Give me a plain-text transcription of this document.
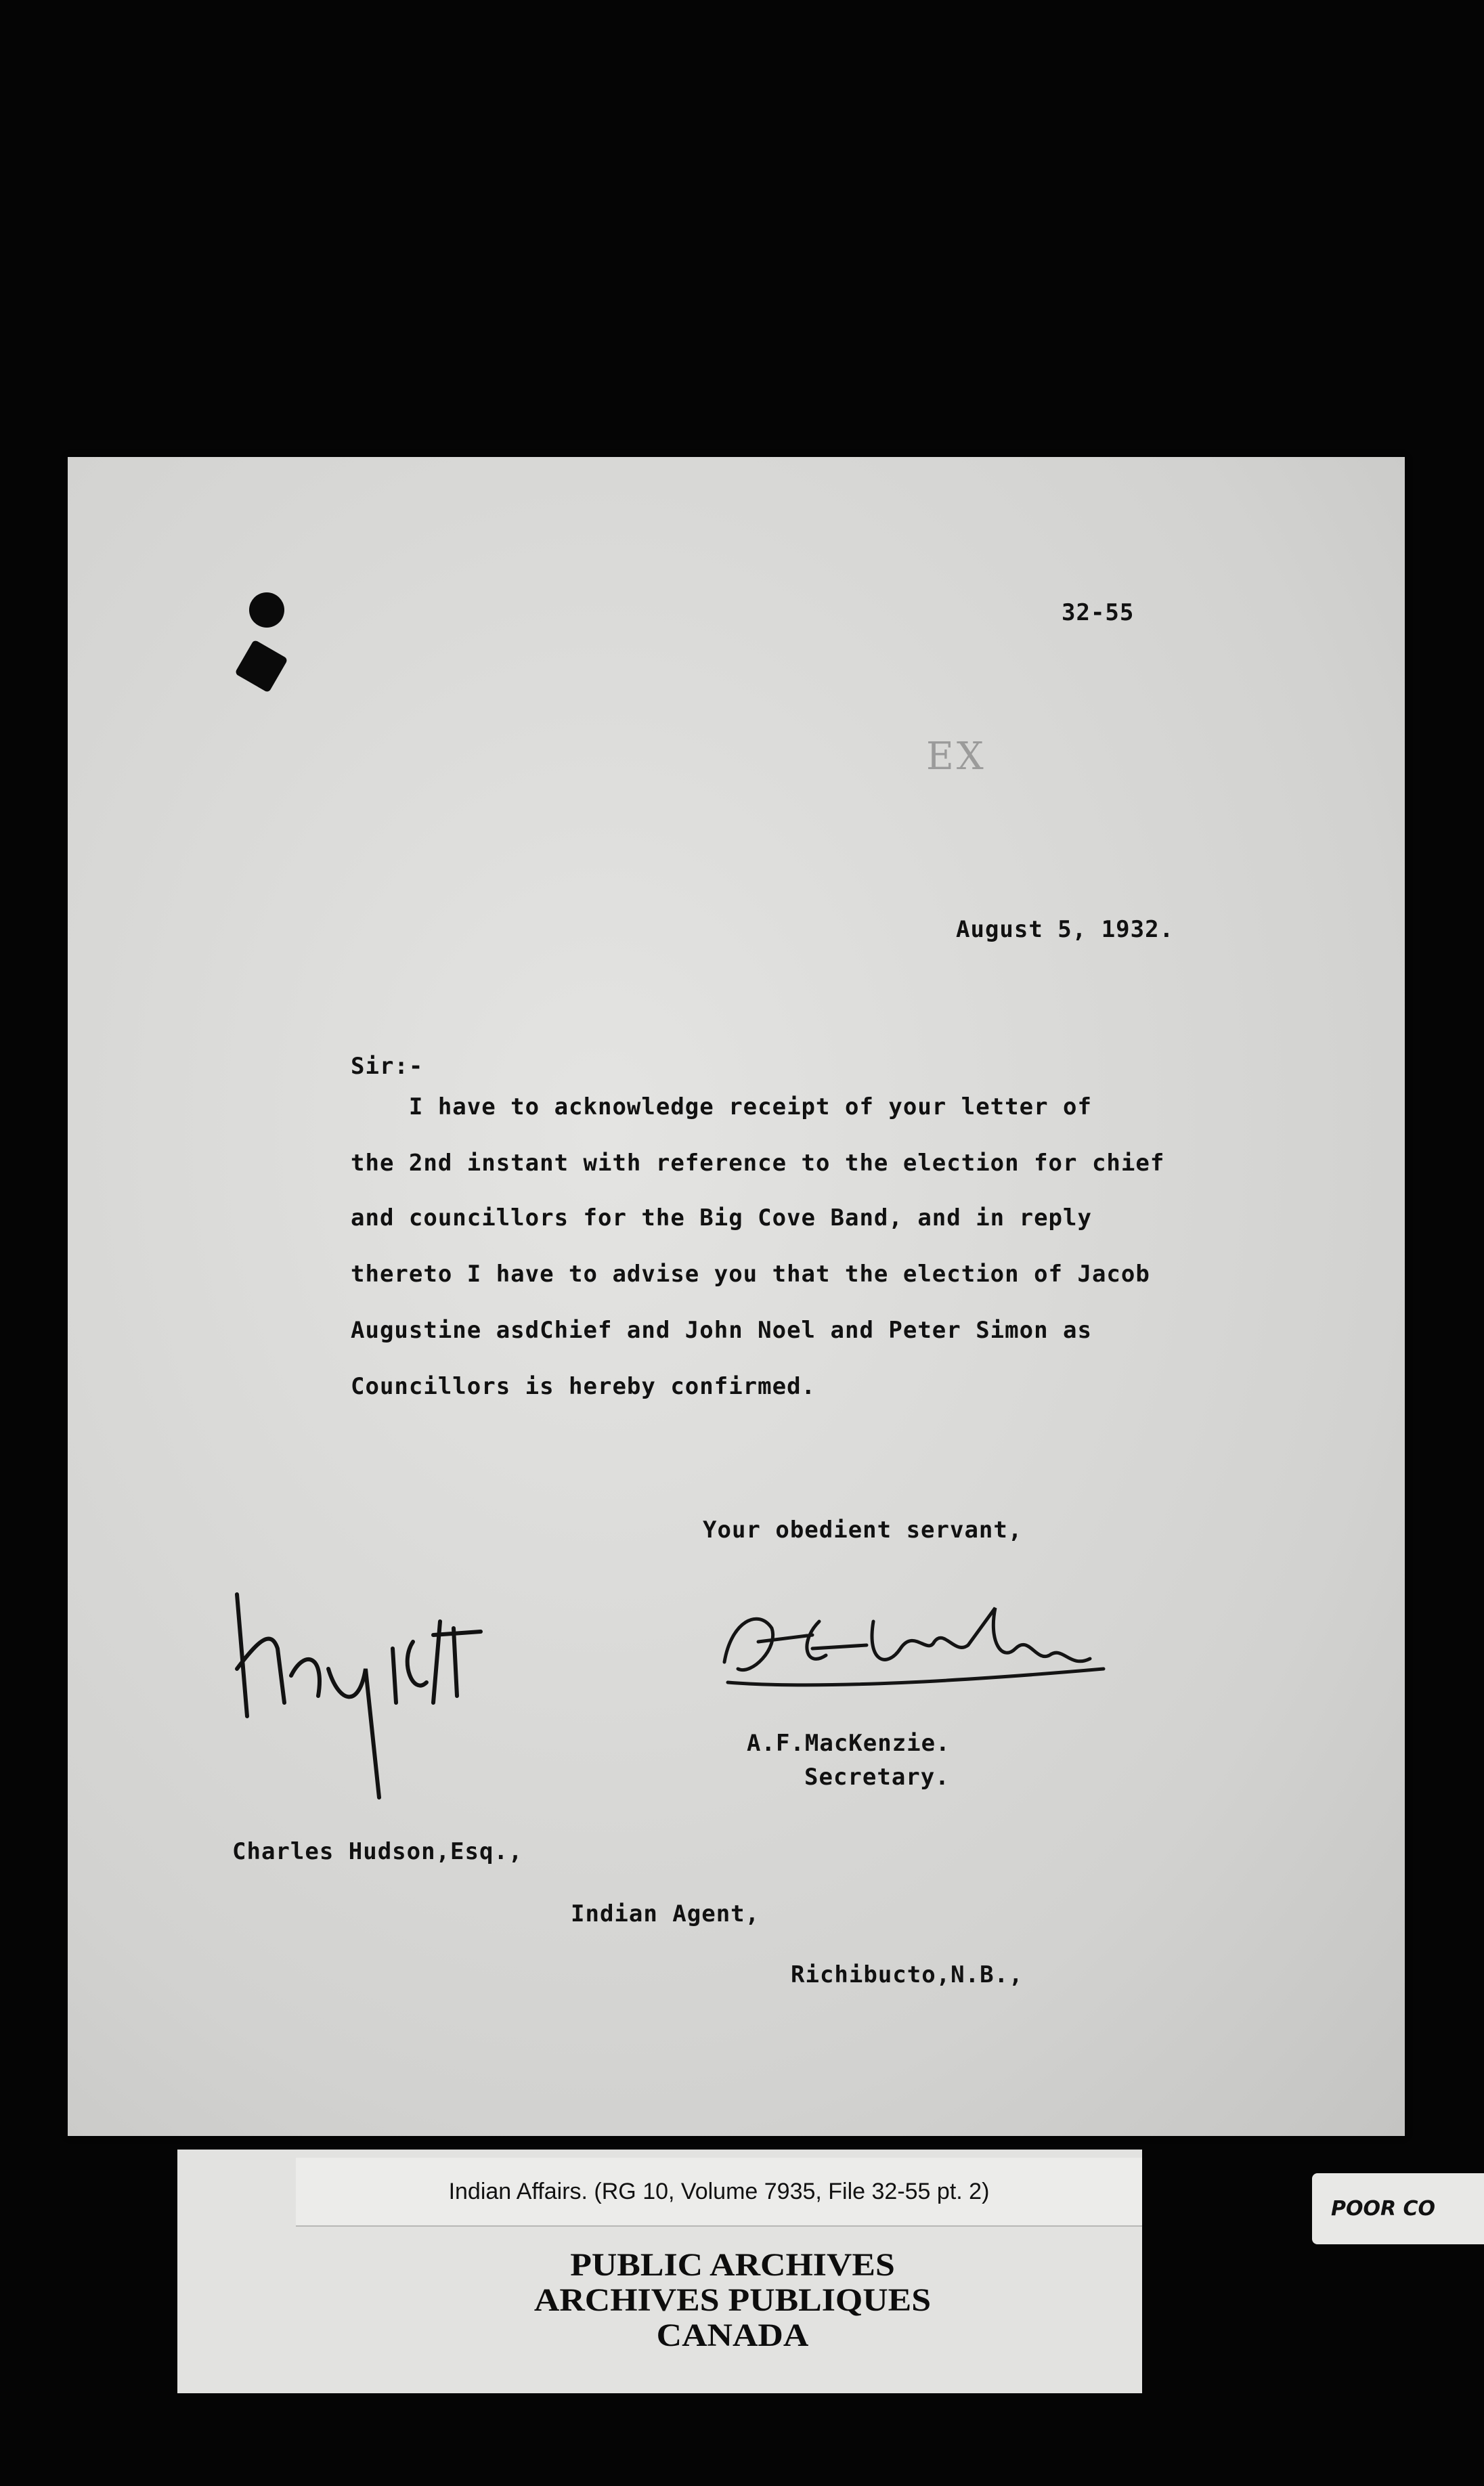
32-55
EX
August 5, 1932.
Sir:-
I have to acknowledge receipt of your letter of
the 2nd instant with reference to the election for chief
and councillors for the Big Cove Band, and in reply
thereto I have to advise you that the election of Jacob
Augustine asdChief and John Noel and Peter Simon as
Councillors is hereby confirmed.
Your obedient servant,
A.F.MacKenzie.
Secretary.
Charles Hudson,Esq.,
Indian Agent,
Richibucto,N.B.,
Indian Affairs. (RG 10, Volume 7935, File 32-55 pt. 2)
PUBLIC ARCHIVES
ARCHIVES PUBLIQUES
CANADA
POOR CO
